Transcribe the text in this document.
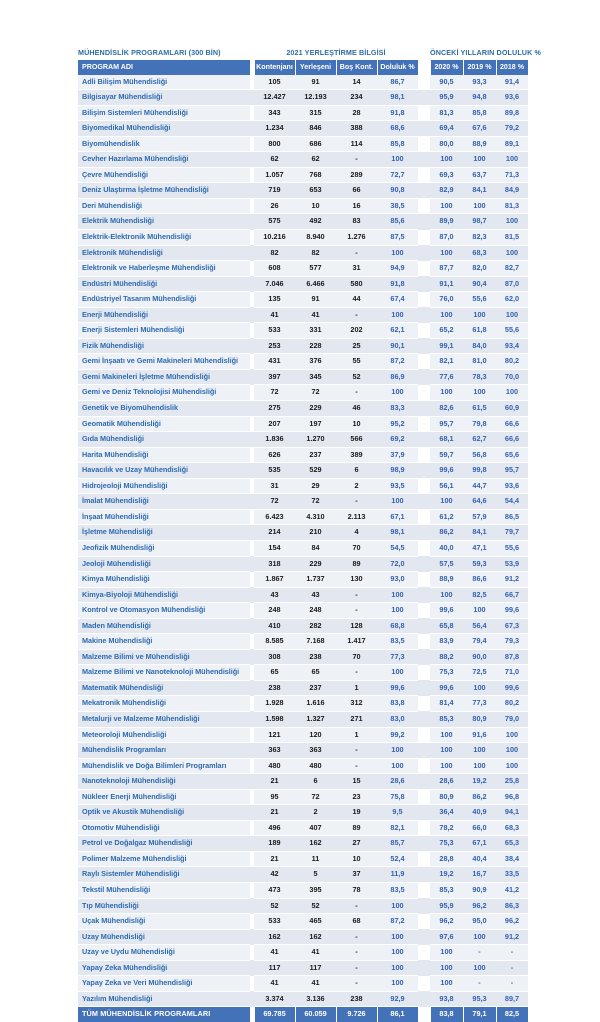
MÜHENDİSLİK PROGRAMLARI (300 BİN)	2021 YERLEŞTİRME BİLGİSİ	ÖNCEKİ YILLARIN DOLULUK %
PROGRAM ADI		Kontenjanı	Yerleşeni	Boş Kont.	Doluluk %		2020 %	2019 %	2018 %
Adli Bilişim Mühendisliği		105	91	14	86,7		90,5	93,3	91,4
Bilgisayar Mühendisliği		12.427	12.193	234	98,1		95,9	94,8	93,6
Bilişim Sistemleri Mühendisliği		343	315	28	91,8		81,3	85,8	89,8
Biyomedikal Mühendisliği		1.234	846	388	68,6		69,4	67,6	79,2
Biyomühendislik		800	686	114	85,8		80,0	88,9	89,1
Cevher Hazırlama Mühendisliği		62	62	-	100		100	100	100
Çevre Mühendisliği		1.057	768	289	72,7		69,3	63,7	71,3
Deniz Ulaştırma İşletme Mühendisliği		719	653	66	90,8		82,9	84,1	84,9
Deri Mühendisliği		26	10	16	38,5		100	100	81,3
Elektrik Mühendisliği		575	492	83	85,6		89,9	98,7	100
Elektrik-Elektronik Mühendisliği		10.216	8.940	1.276	87,5		87,0	82,3	81,5
Elektronik Mühendisliği		82	82	-	100		100	68,3	100
Elektronik ve Haberleşme Mühendisliği		608	577	31	94,9		87,7	82,0	82,7
Endüstri Mühendisliği		7.046	6.466	580	91,8		91,1	90,4	87,0
Endüstriyel Tasarım Mühendisliği		135	91	44	67,4		76,0	55,6	62,0
Enerji Mühendisliği		41	41	-	100		100	100	100
Enerji Sistemleri Mühendisliği		533	331	202	62,1		65,2	61,8	55,6
Fizik Mühendisliği		253	228	25	90,1		99,1	84,0	93,4
Gemi İnşaatı ve Gemi Makineleri Mühendisliği		431	376	55	87,2		82,1	81,0	80,2
Gemi Makineleri İşletme Mühendisliği		397	345	52	86,9		77,6	78,3	70,0
Gemi ve Deniz Teknolojisi Mühendisliği		72	72	-	100		100	100	100
Genetik ve Biyomühendislik		275	229	46	83,3		82,6	61,5	60,9
Geomatik Mühendisliği		207	197	10	95,2		95,7	79,8	66,6
Gıda Mühendisliği		1.836	1.270	566	69,2		68,1	62,7	66,6
Harita Mühendisliği		626	237	389	37,9		59,7	56,8	65,6
Havacılık ve Uzay Mühendisliği		535	529	6	98,9		99,6	99,8	95,7
Hidrojeoloji Mühendisliği		31	29	2	93,5		56,1	44,7	93,6
İmalat Mühendisliği		72	72	-	100		100	64,6	54,4
İnşaat Mühendisliği		6.423	4.310	2.113	67,1		61,2	57,9	86,5
İşletme Mühendisliği		214	210	4	98,1		86,2	84,1	79,7
Jeofizik Mühendisliği		154	84	70	54,5		40,0	47,1	55,6
Jeoloji Mühendisliği		318	229	89	72,0		57,5	59,3	53,9
Kimya Mühendisliği		1.867	1.737	130	93,0		88,9	86,6	91,2
Kimya-Biyoloji Mühendisliği		43	43	-	100		100	82,5	66,7
Kontrol ve Otomasyon Mühendisliği		248	248	-	100		99,6	100	99,6
Maden Mühendisliği		410	282	128	68,8		65,8	56,4	67,3
Makine Mühendisliği		8.585	7.168	1.417	83,5		83,9	79,4	79,3
Malzeme Bilimi ve Mühendisliği		308	238	70	77,3		88,2	90,0	87,8
Malzeme Bilimi ve Nanoteknoloji Mühendisliği		65	65	-	100		75,3	72,5	71,0
Matematik Mühendisliği		238	237	1	99,6		99,6	100	99,6
Mekatronik Mühendisliği		1.928	1.616	312	83,8		81,4	77,3	80,2
Metalurji ve Malzeme Mühendisliği		1.598	1.327	271	83,0		85,3	80,9	79,0
Meteoroloji Mühendisliği		121	120	1	99,2		100	91,6	100
Mühendislik Programları		363	363	-	100		100	100	100
Mühendislik ve Doğa Bilimleri Programları		480	480	-	100		100	100	100
Nanoteknoloji Mühendisliği		21	6	15	28,6		28,6	19,2	25,8
Nükleer Enerji Mühendisliği		95	72	23	75,8		80,9	86,2	96,8
Optik ve Akustik Mühendisliği		21	2	19	9,5		36,4	40,9	94,1
Otomotiv Mühendisliği		496	407	89	82,1		78,2	66,0	68,3
Petrol ve Doğalgaz Mühendisliği		189	162	27	85,7		75,3	67,1	65,3
Polimer Malzeme Mühendisliği		21	11	10	52,4		28,8	40,4	38,4
Raylı Sistemler Mühendisliği		42	5	37	11,9		19,2	16,7	33,5
Tekstil Mühendisliği		473	395	78	83,5		85,3	90,9	41,2
Tıp Mühendisliği		52	52	-	100		95,9	96,2	86,3
Uçak Mühendisliği		533	465	68	87,2		96,2	95,0	96,2
Uzay Mühendisliği		162	162	-	100		97,6	100	91,2
Uzay ve Uydu Mühendisliği		41	41	-	100		100	-	-
Yapay Zeka Mühendisliği		117	117	-	100		100	100	-
Yapay Zeka ve Veri Mühendisliği		41	41	-	100		100	-	-
Yazılım Mühendisliği		3.374	3.136	238	92,9		93,8	95,3	89,7
TÜM MÜHENDİSLİK PROGRAMLARI		69.785	60.059	9.726	86,1		83,8	79,1	82,5
